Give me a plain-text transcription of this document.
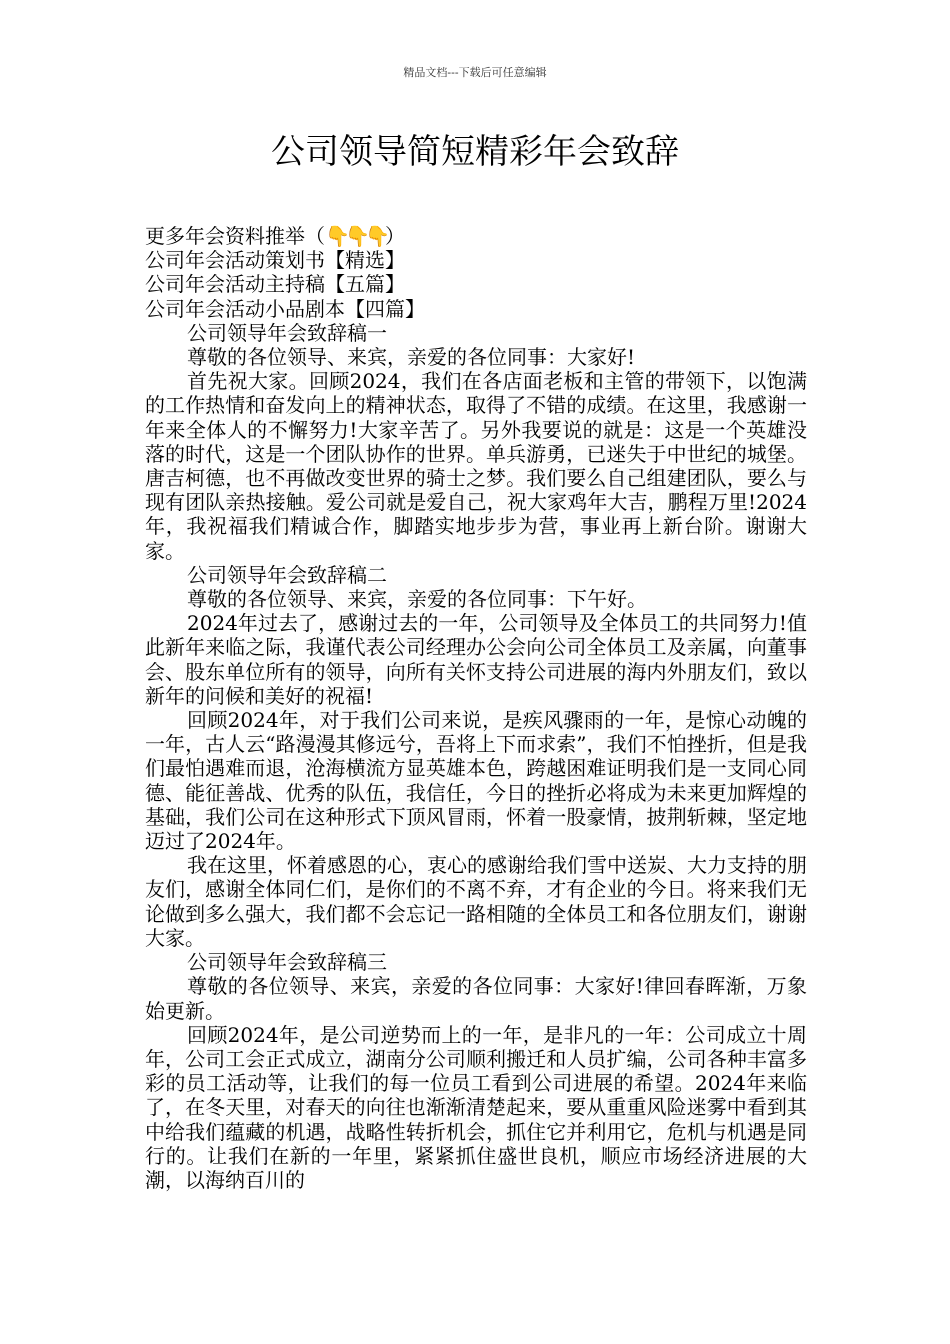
精品文档---下载后可任意编辑
公司领导简短精彩年会致辞

更多年会资料推举（👇👇👇）

公司年会活动策划书【精选】

公司年会活动主持稿【五篇】

公司年会活动小品剧本【四篇】

公司领导年会致辞稿一

尊敬的各位领导、来宾，亲爱的各位同事：大家好!

首先祝大家。回顾2024，我们在各店面老板和主管的带领下，以饱满的工作热情和奋发向上的精神状态，取得了不错的成绩。在这里，我感谢一年来全体人的不懈努力!大家辛苦了。另外我要说的就是：这是一个英雄没落的时代，这是一个团队协作的世界。单兵游勇，已迷失于中世纪的城堡。唐吉柯德，也不再做改变世界的骑士之梦。我们要么自己组建团队，要么与现有团队亲热接触。爱公司就是爱自己，祝大家鸡年大吉，鹏程万里!2024年，我祝福我们精诚合作，脚踏实地步步为营，事业再上新台阶。谢谢大家。

公司领导年会致辞稿二

尊敬的各位领导、来宾，亲爱的各位同事：下午好。

2024年过去了，感谢过去的一年，公司领导及全体员工的共同努力!值此新年来临之际，我谨代表公司经理办公会向公司全体员工及亲属，向董事会、股东单位所有的领导，向所有关怀支持公司进展的海内外朋友们，致以新年的问候和美好的祝福!

回顾2024年，对于我们公司来说，是疾风骤雨的一年，是惊心动魄的一年，古人云“路漫漫其修远兮，吾将上下而求索”，我们不怕挫折，但是我们最怕遇难而退，沧海横流方显英雄本色，跨越困难证明我们是一支同心同德、能征善战、优秀的队伍，我信任，今日的挫折必将成为未来更加辉煌的基础，我们公司在这种形式下顶风冒雨，怀着一股豪情，披荆斩棘，坚定地迈过了2024年。

我在这里，怀着感恩的心，衷心的感谢给我们雪中送炭、大力支持的朋友们，感谢全体同仁们，是你们的不离不弃，才有企业的今日。将来我们无论做到多么强大，我们都不会忘记一路相随的全体员工和各位朋友们，谢谢大家。

公司领导年会致辞稿三

尊敬的各位领导、来宾，亲爱的各位同事：大家好!律回春晖渐，万象始更新。

回顾2024年，是公司逆势而上的一年，是非凡的一年：公司成立十周年，公司工会正式成立，湖南分公司顺利搬迁和人员扩编，公司各种丰富多彩的员工活动等，让我们的每一位员工看到公司进展的希望。2024年来临了，在冬天里，对春天的向往也渐渐清楚起来，要从重重风险迷雾中看到其中给我们蕴藏的机遇，战略性转折机会，抓住它并利用它，危机与机遇是同行的。让我们在新的一年里，紧紧抓住盛世良机，顺应市场经济进展的大潮，以海纳百川的
